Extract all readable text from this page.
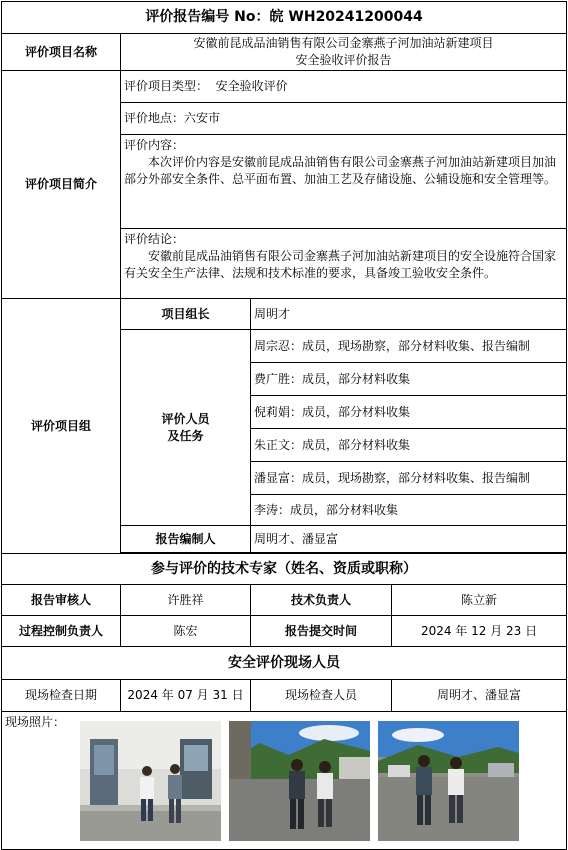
评价报告编号 No：皖 WH20241200044			
评价项目名称	安徽前昆成品油销售有限公司金寨燕子河加油站新建项目
安全验收评价报告		

评价项目简介	评价项目类型： 安全验收评价		
	评价地点：六安市		

	评价内容：
本次评价内容是安徽前昆成品油销售有限公司金寨燕子河加油站新建项目加油部分外部安全条件、总平面布置、加油工艺及存储设施、公辅设施和安全管理等。		

	评价结论：
安徽前昆成品油销售有限公司金寨燕子河加油站新建项目的安全设施符合国家有关安全生产法律、法规和技术标准的要求，具备竣工验收安全条件。		

评价项目组	项目组长	周明才	

	评价人员
及任务	周宗忍：成员，现场勘察，部分材料收集、报告编制	
		费广胜：成员，部分材料收集	
		倪莉娟：成员，部分材料收集	
		朱正文：成员，部分材料收集	
		潘显富：成员，现场勘察，部分材料收集、报告编制	
		李涛：成员，部分材料收集	
	报告编制人	周明才、潘显富	

参与评价的技术专家（姓名、资质或职称）			
报告审核人	许胜祥	技术负责人	陈立新
过程控制负责人	陈宏	报告提交时间	2024 年 12 月 23 日
安全评价现场人员			
现场检查日期	2024 年 07 月 31 日	现场检查人员	周明才、潘显富

现场照片：			
